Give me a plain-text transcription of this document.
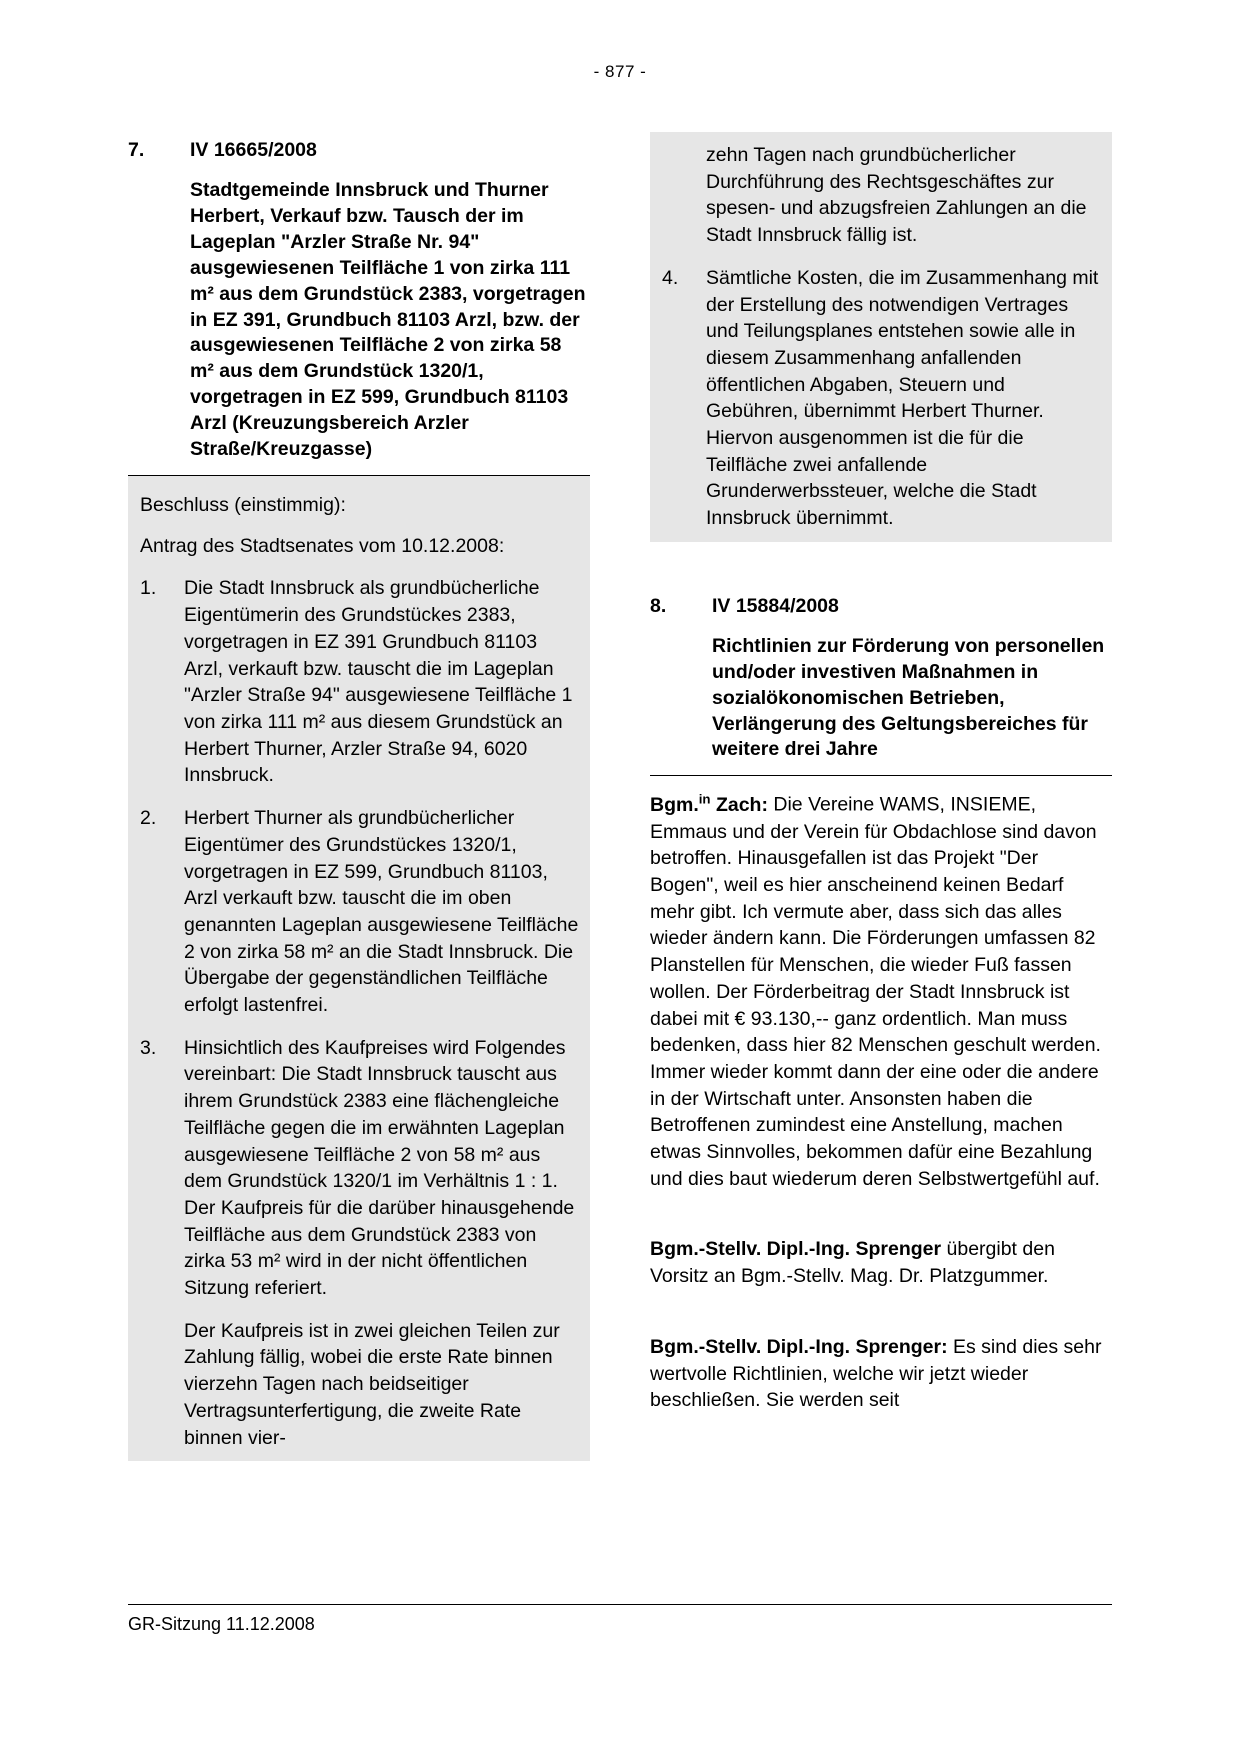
- 877 -
7.	IV 16665/2008
Stadtgemeinde Innsbruck und Thurner Herbert, Verkauf bzw. Tausch der im Lageplan "Arzler Straße Nr. 94" ausgewiesenen Teilfläche 1 von zirka 111 m² aus dem Grundstück 2383, vorgetragen in EZ 391, Grundbuch 81103 Arzl, bzw. der ausgewiesenen Teilfläche 2 von zirka 58 m² aus dem Grundstück 1320/1, vorgetragen in EZ 599, Grundbuch 81103 Arzl (Kreuzungsbereich Arzler Straße/Kreuzgasse)
Beschluss (einstimmig):
Antrag des Stadtsenates vom 10.12.2008:
1.	Die Stadt Innsbruck als grundbücherliche Eigentümerin des Grundstückes 2383, vorgetragen in EZ 391 Grundbuch 81103 Arzl, verkauft bzw. tauscht die im Lageplan "Arzler Straße 94" ausgewiesene Teilfläche 1 von zirka 111 m² aus diesem Grundstück an Herbert Thurner, Arzler Straße 94, 6020 Innsbruck.
2.	Herbert Thurner als grundbücherlicher Eigentümer des Grundstückes 1320/1, vorgetragen in EZ 599, Grundbuch 81103, Arzl verkauft bzw. tauscht die im oben genannten Lageplan ausgewiesene Teilfläche 2 von zirka 58 m² an die Stadt Innsbruck. Die Übergabe der gegenständlichen Teilfläche erfolgt lastenfrei.
3.	Hinsichtlich des Kaufpreises wird Folgendes vereinbart: Die Stadt Innsbruck tauscht aus ihrem Grundstück 2383 eine flächengleiche Teilfläche gegen die im erwähnten Lageplan ausgewiesene Teilfläche 2 von 58 m² aus dem Grundstück 1320/1 im Verhältnis 1 : 1. Der Kaufpreis für die darüber hinausgehende Teilfläche aus dem Grundstück 2383 von zirka 53 m² wird in der nicht öffentlichen Sitzung referiert.
Der Kaufpreis ist in zwei gleichen Teilen zur Zahlung fällig, wobei die erste Rate binnen vierzehn Tagen nach beidseitiger Vertragsunterfertigung, die zweite Rate binnen vier-
zehn Tagen nach grundbücherlicher Durchführung des Rechtsgeschäftes zur spesen- und abzugsfreien Zahlungen an die Stadt Innsbruck fällig ist.
4.	Sämtliche Kosten, die im Zusammenhang mit der Erstellung des notwendigen Vertrages und Teilungsplanes entstehen sowie alle in diesem Zusammenhang anfallenden öffentlichen Abgaben, Steuern und Gebühren, übernimmt Herbert Thurner. Hiervon ausgenommen ist die für die Teilfläche zwei anfallende Grunderwerbssteuer, welche die Stadt Innsbruck übernimmt.
8.	IV 15884/2008
Richtlinien zur Förderung von personellen und/oder investiven Maßnahmen in sozialökonomischen Betrieben, Verlängerung des Geltungsbereiches für weitere drei Jahre
Bgm.$^{in}$ Zach: Die Vereine WAMS, INSIEME, Emmaus und der Verein für Obdachlose sind davon betroffen. Hinausgefallen ist das Projekt "Der Bogen", weil es hier anscheinend keinen Bedarf mehr gibt. Ich vermute aber, dass sich das alles wieder ändern kann. Die Förderungen umfassen 82 Planstellen für Menschen, die wieder Fuß fassen wollen. Der Förderbeitrag der Stadt Innsbruck ist dabei mit € 93.130,-- ganz ordentlich. Man muss bedenken, dass hier 82 Menschen geschult werden. Immer wieder kommt dann der eine oder die andere in der Wirtschaft unter. Ansonsten haben die Betroffenen zumindest eine Anstellung, machen etwas Sinnvolles, bekommen dafür eine Bezahlung und dies baut wiederum deren Selbstwertgefühl auf.
Bgm.-Stellv. Dipl.-Ing. Sprenger übergibt den Vorsitz an Bgm.-Stellv. Mag. Dr. Platzgummer.
Bgm.-Stellv. Dipl.-Ing. Sprenger: Es sind dies sehr wertvolle Richtlinien, welche wir jetzt wieder beschließen. Sie werden seit
GR-Sitzung 11.12.2008
